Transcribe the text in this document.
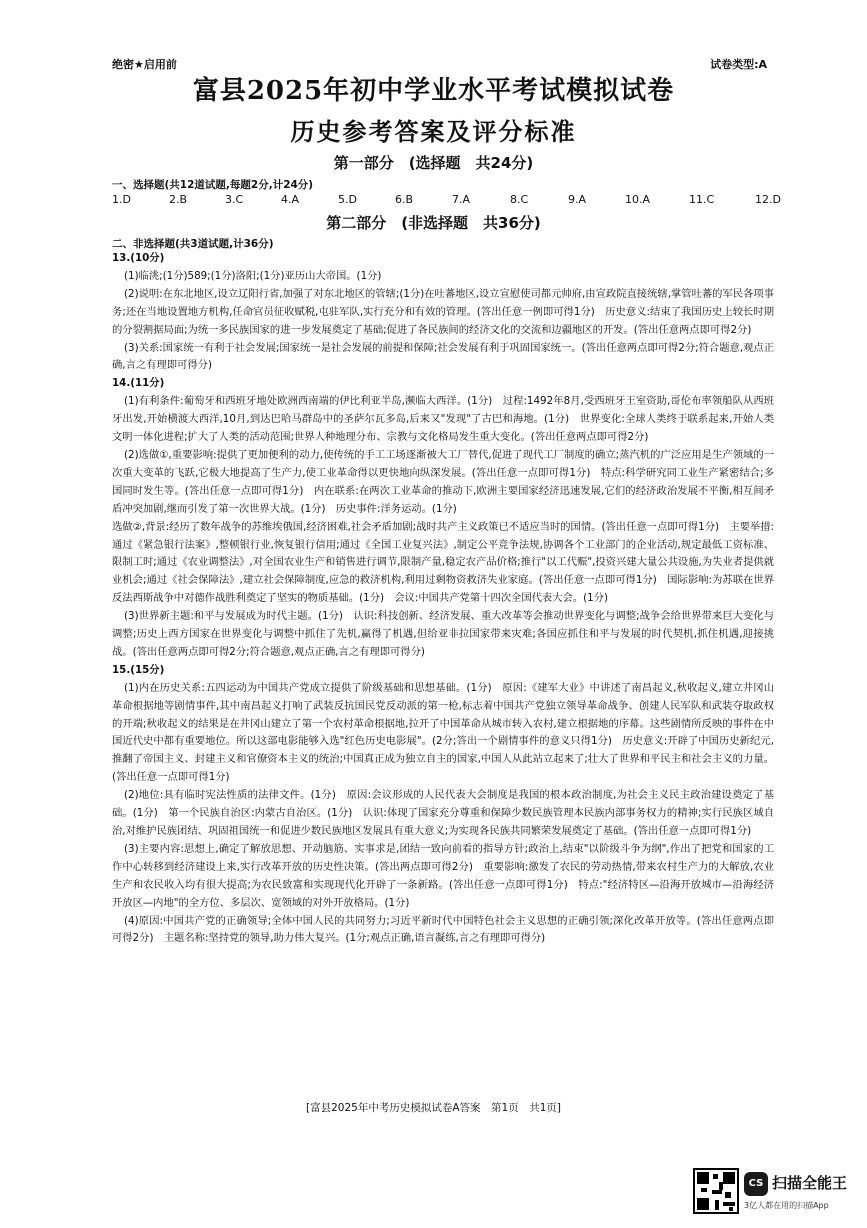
绝密★启用前	试卷类型:A
富县2025年初中学业水平考试模拟试卷
历史参考答案及评分标准
第一部分　(选择题　共24分)
一、选择题(共12道试题,每题2分,计24分)
1.D	2.B	3.C	4.A	5.D	6.B	7.A	8.C	9.A	10.A	11.C	12.D
第二部分　(非选择题　共36分)
二、非选择题(共3道试题,计36分)

13.(10分)

(1)临洮;(1分)589;(1分)洛阳;(1分)亚历山大帝国。(1分)

(2)说明:在东北地区,设立辽阳行省,加强了对东北地区的管辖;(1分)在吐蕃地区,设立宣慰使司都元帅府,由宣政院直接统辖,掌管吐蕃的军民各项事务;还在当地设置地方机构,任命官员征收赋税,屯驻军队,实行充分和有效的管理。(答出任意一例即可得1分)　历史意义:结束了我国历史上较长时期的分裂割据局面;为统一多民族国家的进一步发展奠定了基础;促进了各民族间的经济文化的交流和边疆地区的开发。(答出任意两点即可得2分)

(3)关系:国家统一有利于社会发展;国家统一是社会发展的前提和保障;社会发展有利于巩固国家统一。(答出任意两点即可得2分;符合题意,观点正确,言之有理即可得分)

14.(11分)

(1)有利条件:葡萄牙和西班牙地处欧洲西南端的伊比利亚半岛,濒临大西洋。(1分)　过程:1492年8月,受西班牙王室资助,哥伦布率领船队从西班牙出发,开始横渡大西洋,10月,到达巴哈马群岛中的圣萨尔瓦多岛,后来又"发现"了古巴和海地。(1分)　世界变化:全球人类终于联系起来,开始人类文明一体化进程;扩大了人类的活动范围;世界人种地理分布、宗教与文化格局发生重大变化。(答出任意两点即可得2分)

(2)选做①,重要影响:提供了更加便利的动力,使传统的手工工场逐渐被大工厂替代,促进了现代工厂制度的确立;蒸汽机的广泛应用是生产领域的一次重大变革的飞跃,它极大地提高了生产力,使工业革命得以更快地向纵深发展。(答出任意一点即可得1分)　特点:科学研究同工业生产紧密结合;多国同时发生等。(答出任意一点即可得1分)　内在联系:在两次工业革命的推动下,欧洲主要国家经济迅速发展,它们的经济政治发展不平衡,相互间矛盾冲突加剧,继而引发了第一次世界大战。(1分)　历史事件:洋务运动。(1分)

选做②,背景:经历了数年战争的苏维埃俄国,经济困难,社会矛盾加剧;战时共产主义政策已不适应当时的国情。(答出任意一点即可得1分)　主要举措:通过《紧急银行法案》,整顿银行业,恢复银行信用;通过《全国工业复兴法》,制定公平竞争法规,协调各个工业部门的企业活动,规定最低工资标准、限制工时;通过《农业调整法》,对全国农业生产和销售进行调节,限制产量,稳定农产品价格;推行"以工代赈",投资兴建大量公共设施,为失业者提供就业机会;通过《社会保障法》,建立社会保障制度,应急的救济机构,利用过剩物资救济失业家庭。(答出任意一点即可得1分)　国际影响:为苏联在世界反法西斯战争中对德作战胜利奠定了坚实的物质基础。(1分)　会议:中国共产党第十四次全国代表大会。(1分)

(3)世界新主题:和平与发展成为时代主题。(1分)　认识:科技创新、经济发展、重大改革等会推动世界变化与调整;战争会给世界带来巨大变化与调整;历史上西方国家在世界变化与调整中抓住了先机,赢得了机遇,但给亚非拉国家带来灾难;各国应抓住和平与发展的时代契机,抓住机遇,迎接挑战。(答出任意两点即可得2分;符合题意,观点正确,言之有理即可得分)

15.(15分)

(1)内在历史关系:五四运动为中国共产党成立提供了阶级基础和思想基础。(1分)　原因:《建军大业》中讲述了南昌起义,秋收起义,建立井冈山革命根据地等剧情事件,其中南昌起义打响了武装反抗国民党反动派的第一枪,标志着中国共产党独立领导革命战争、创建人民军队和武装夺取政权的开端;秋收起义的结果是在井冈山建立了第一个农村革命根据地,拉开了中国革命从城市转入农村,建立根据地的序幕。这些剧情所反映的事件在中国近代史中都有重要地位。所以这部电影能够入选"红色历史电影展"。(2分;答出一个剧情事件的意义只得1分)　历史意义:开辟了中国历史新纪元,推翻了帝国主义、封建主义和官僚资本主义的统治;中国真正成为独立自主的国家,中国人从此站立起来了;壮大了世界和平民主和社会主义的力量。(答出任意一点即可得1分)

(2)地位:具有临时宪法性质的法律文件。(1分)　原因:会议形成的人民代表大会制度是我国的根本政治制度,为社会主义民主政治建设奠定了基础。(1分)　第一个民族自治区:内蒙古自治区。(1分)　认识:体现了国家充分尊重和保障少数民族管理本民族内部事务权力的精神;实行民族区域自治,对维护民族团结、巩固祖国统一和促进少数民族地区发展具有重大意义;为实现各民族共同繁荣发展奠定了基础。(答出任意一点即可得1分)

(3)主要内容:思想上,确定了解放思想、开动脑筋、实事求是,团结一致向前看的指导方针;政治上,结束"以阶级斗争为纲",作出了把党和国家的工作中心转移到经济建设上来,实行改革开放的历史性决策。(答出两点即可得2分)　重要影响:激发了农民的劳动热情,带来农村生产力的大解放,农业生产和农民收入均有很大提高;为农民致富和实现现代化开辟了一条新路。(答出任意一点即可得1分)　特点:"经济特区—沿海开放城市—沿海经济开放区—内地"的全方位、多层次、宽领域的对外开放格局。(1分)

(4)原因:中国共产党的正确领导;全体中国人民的共同努力;习近平新时代中国特色社会主义思想的正确引领;深化改革开放等。(答出任意两点即可得2分)　主题名称:坚持党的领导,助力伟大复兴。(1分;观点正确,语言凝练,言之有理即可得分)

[富县2025年中考历史模拟试卷A答案　第1页　共1页]
CS 扫描全能王
3亿人都在用的扫描App
